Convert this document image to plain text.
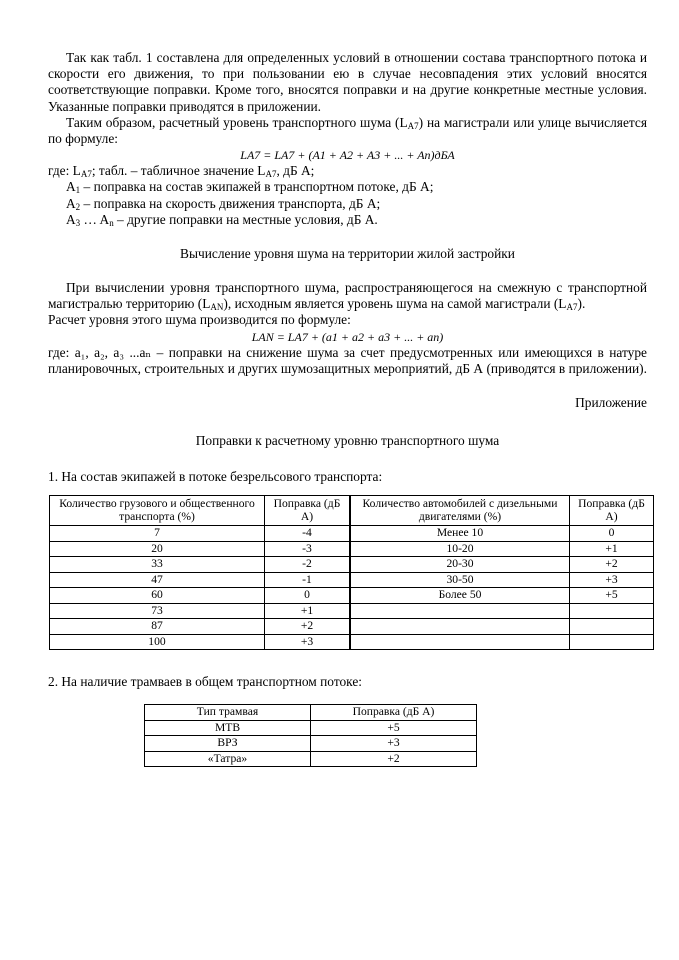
Так как табл. 1 составлена для определенных условий в отношении состава транспортного потока и скорости его движения, то при пользовании ею в случае несовпадения этих условий вносятся соответствующие поправки. Кроме того, вносятся поправки и на другие конкретные местные условия. Указанные поправки приводятся в приложении.

Таким образом, расчетный уровень транспортного шума $(L_{A7})$ на магистрали или улице вычисляется по формуле:

LA7 = LA7 + (A1 + A2 + A3 + ... + An)дБА

где: $L_{A7}$; табл. – табличное значение $L_{A7}$, дБ А;

$A_1$ – поправка на состав экипажей в транспортном потоке, дБ А;
$A_2$ – поправка на скорость движения транспорта, дБ А;
$A_3$ … $A_n$ – другие поправки на местные условия, дБ А.
Вычисление уровня шума на территории жилой застройки

При вычислении уровня транспортного шума, распространяющегося на смежную с транспортной магистралью территорию $(L_{AN})$, исходным является уровень шума на самой магистрали $(L_{A7})$.

Расчет уровня этого шума производится по формуле:

LAN = LA7 + (a1 + a2 + a3 + ... + an)

где: a₁, a₂, a₃ ...aₙ – поправки на снижение шума за счет предусмотренных или имеющихся в натуре планировочных, строительных и других шумозащитных мероприятий, дБ А (приводятся в приложении).

Приложение
Поправки к расчетному уровню транспортного шума

1. На состав экипажей в потоке безрельсового транспорта:

Количество грузового и общественного транспорта (%)	Поправка (дБ А)	Количество автомобилей с дизельными двигателями (%)	Поправка (дБ А)
7	-4	Менее 10	0
20	-3	10-20	+1
33	-2	20-30	+2
47	-1	30-50	+3
60	0	Более 50	+5
73	+1		
87	+2		
100	+3		

2. На наличие трамваев в общем транспортном потоке:

Тип трамвая	Поправка (дБ А)
МТВ	+5
ВРЗ	+3
«Татра»	+2
